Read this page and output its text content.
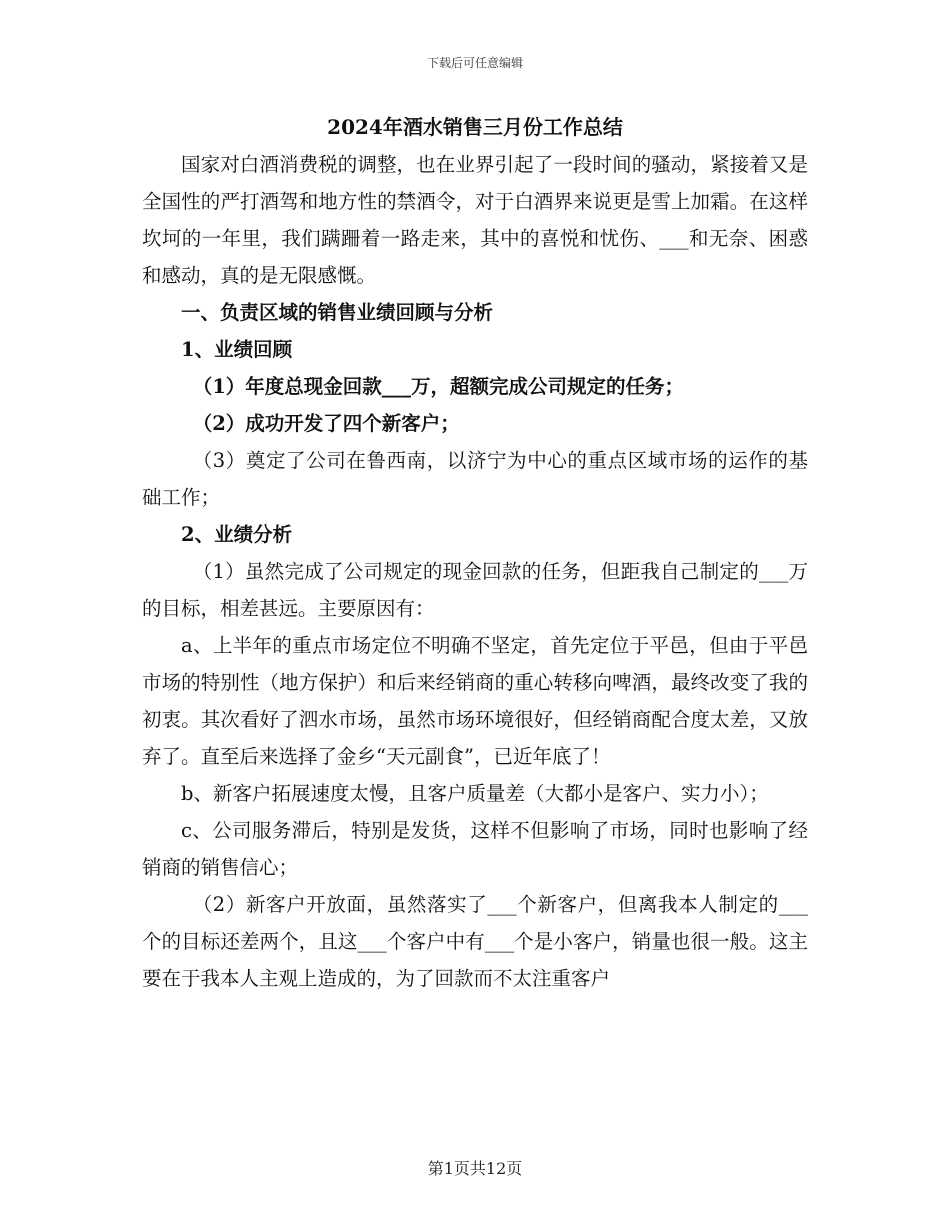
下载后可任意编辑
2024年酒水销售三月份工作总结

国家对白酒消费税的调整，也在业界引起了一段时间的骚动，紧接着又是全国性的严打酒驾和地方性的禁酒令，对于白酒界来说更是雪上加霜。在这样坎坷的一年里，我们蹒跚着一路走来，其中的喜悦和忧伤、___和无奈、困惑和感动，真的是无限感慨。

一、负责区域的销售业绩回顾与分析

1、业绩回顾

（1）年度总现金回款___万，超额完成公司规定的任务；

（2）成功开发了四个新客户；

（3）奠定了公司在鲁西南，以济宁为中心的重点区域市场的运作的基础工作；

2、业绩分析

（1）虽然完成了公司规定的现金回款的任务，但距我自己制定的___万的目标，相差甚远。主要原因有：

a、上半年的重点市场定位不明确不坚定，首先定位于平邑，但由于平邑市场的特别性（地方保护）和后来经销商的重心转移向啤酒，最终改变了我的初衷。其次看好了泗水市场，虽然市场环境很好，但经销商配合度太差，又放弃了。直至后来选择了金乡“天元副食”，已近年底了！

b、新客户拓展速度太慢，且客户质量差（大都小是客户、实力小）；

c、公司服务滞后，特别是发货，这样不但影响了市场，同时也影响了经销商的销售信心；

（2）新客户开放面，虽然落实了___个新客户，但离我本人制定的___个的目标还差两个，且这___个客户中有___个是小客户，销量也很一般。这主要在于我本人主观上造成的，为了回款而不太注重客户

第1页共12页
